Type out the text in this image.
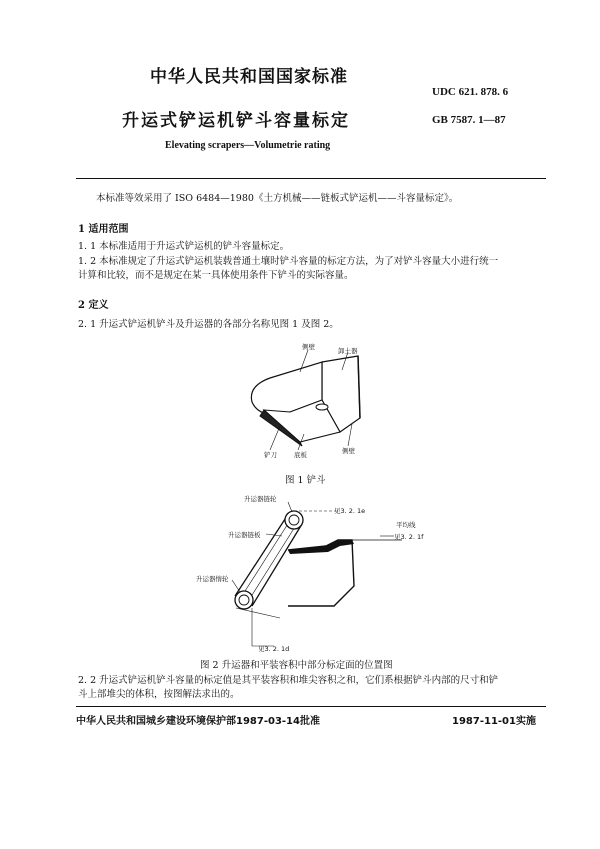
中华人民共和国国家标准
UDC 621. 878. 6
升运式铲运机铲斗容量标定	GB 7587. 1—87
Elevating scrapers—Volumetrie rating
本标准等效采用了 ISO 6484—1980《土方机械——链板式铲运机——斗容量标定》。
1 适用范围
1. 1 本标准适用于升运式铲运机的铲斗容量标定。
1. 2 本标准规定了升运式铲运机装载普通土壤时铲斗容量的标定方法，为了对铲斗容量大小进行统一
计算和比较，而不是规定在某一具体使用条件下铲斗的实际容量。
2 定义
2. 1 升运式铲运机铲斗及升运器的各部分名称见图 1 及图 2。
侧壁	卸土器
铲刀	底板	侧壁
图 1 铲斗
升运器链轮
见3. 2. 1e
升运器链板
平均线
见3. 2. 1f
升运器惰轮
见3. 2. 1d
图 2 升运器和平装容积中部分标定面的位置图
2. 2 升运式铲运机铲斗容量的标定值是其平装容积和堆尖容积之和，它们系根据铲斗内部的尺寸和铲
斗上部堆尖的体积，按图解法求出的。
中华人民共和国城乡建设环境保护部1987-03-14批准	1987-11-01实施
